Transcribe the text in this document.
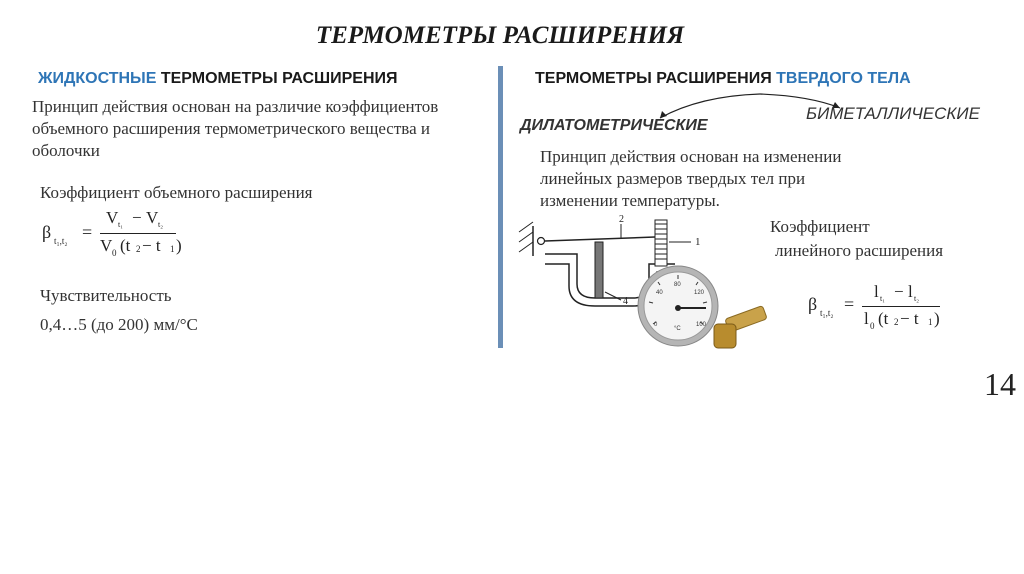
ТЕРМОМЕТРЫ РАСШИРЕНИЯ
ЖИДКОСТНЫЕ ТЕРМОМЕТРЫ РАСШИРЕНИЯ
Принцип действия основан на различие коэффициентов
объемного расширения термометрического вещества и
оболочки
Коэффициент объемного расширения
β t₁,t₂ =
V t₁ − V t₂
V 0 (t 2 − t 1 )
Чувствительность
0,4…5 (до 200) мм/°С
ТЕРМОМЕТРЫ РАСШИРЕНИЯ ТВЕРДОГО ТЕЛА
БИМЕТАЛЛИЧЕСКИЕ
ДИЛАТОМЕТРИЧЕСКИЕ
Принцип действия основан на изменении
линейных размеров твердых тел при
изменении температуры.
2
1
4
40
80
120
0	100
°C
Коэффициент
линейного расширения
β t₁,t₂ =
l t₁ − l t₂
l 0 (t 2 − t 1 )
14
